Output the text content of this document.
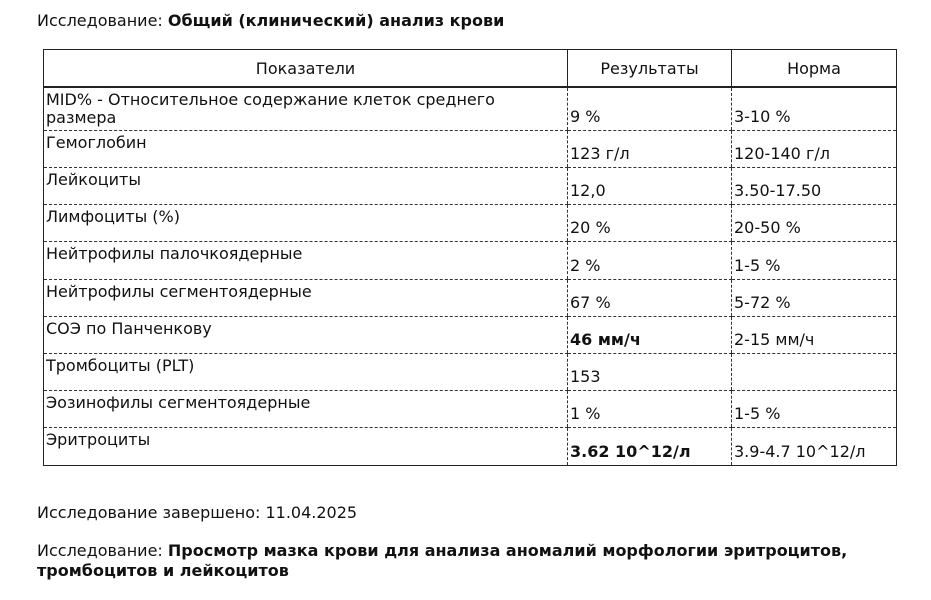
Исследование: Общий (клинический) анализ крови
Показатели	Результаты	Норма
MID% - Относительное содержание клеток среднего размера	9 %	3-10 %
Гемоглобин	123 г/л	120-140 г/л
Лейкоциты	12,0	3.50-17.50
Лимфоциты (%)	20 %	20-50 %
Нейтрофилы палочкоядерные	2 %	1-5 %
Нейтрофилы сегментоядерные	67 %	5-72 %
СОЭ по Панченкову	46 мм/ч	2-15 мм/ч
Тромбоциты (PLT)	153	
Эозинофилы сегментоядерные	1 %	1-5 %
Эритроциты	3.62 10^12/л	3.9-4.7 10^12/л
Исследование завершено: 11.04.2025
Исследование: Просмотр мазка крови для анализа аномалий морфологии эритроцитов, тромбоцитов и лейкоцитов
